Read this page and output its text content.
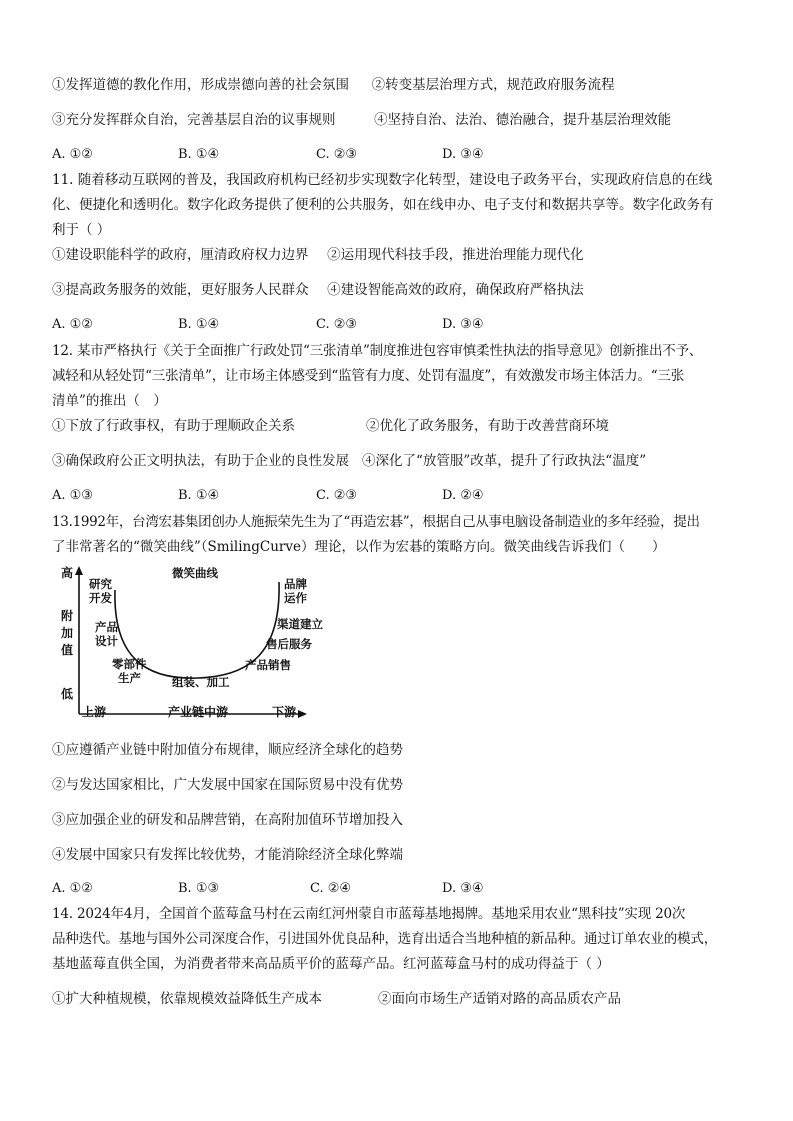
①发挥道德的教化作用，形成崇德向善的社会氛围 ②转变基层治理方式，规范政府服务流程
③充分发挥群众自治，完善基层自治的议事规则	④坚持自治、法治、德治融合，提升基层治理效能
A. ①②	B. ①④	C. ②③	D. ③④
11. 随着移动互联网的普及，我国政府机构已经初步实现数字化转型，建设电子政务平台，实现政府信息的在线
化、便捷化和透明化。数字化政务提供了便利的公共服务，如在线申办、电子支付和数据共享等。数字化政务有
利于（ ）
①建设职能科学的政府，厘清政府权力边界 ②运用现代科技手段，推进治理能力现代化
③提高政务服务的效能，更好服务人民群众 ④建设智能高效的政府，确保政府严格执法
A. ①②	B. ①④	C. ②③	D. ③④
12. 某市严格执行《关于全面推广行政处罚“三张清单”制度推进包容审慎柔性执法的指导意见》创新推出不予、
减轻和从轻处罚“三张清单”，让市场主体感受到“监管有力度、处罚有温度”，有效激发市场主体活力。“三张
清单”的推出（　）
①下放了行政事权，有助于理顺政企关系	②优化了政务服务，有助于改善营商环境
③确保政府公正文明执法，有助于企业的良性发展 ④深化了“放管服”改革，提升了行政执法“温度”
A. ①③	B. ①④	C. ②③	D. ②④
13.1992年，台湾宏碁集团创办人施振荣先生为了“再造宏碁”，根据自己从事电脑设备制造业的多年经验，提出
了非常著名的“微笑曲线”（SmilingCurve）理论，以作为宏碁的策略方向。微笑曲线告诉我们（　　）
高
附
加
值
低
微笑曲线
研究
开发
产品
设计
零部件
生产	组装、加工
品牌
运作
渠道建立
售后服务
产品销售
上游	产业链中游	下游
①应遵循产业链中附加值分布规律，顺应经济全球化的趋势
②与发达国家相比，广大发展中国家在国际贸易中没有优势
③应加强企业的研发和品牌营销，在高附加值环节增加投入
④发展中国家只有发挥比较优势，才能消除经济全球化弊端
A. ①②	B. ①③	C. ②④	D. ③④
14. 2024年4月，全国首个蓝莓盒马村在云南红河州蒙自市蓝莓基地揭牌。基地采用农业“黑科技”实现 20次
品种迭代。基地与国外公司深度合作，引进国外优良品种，选育出适合当地种植的新品种。通过订单农业的模式，
基地蓝莓直供全国，为消费者带来高品质平价的蓝莓产品。红河蓝莓盒马村的成功得益于（ ）
①扩大种植规模，依靠规模效益降低生产成本	②面向市场生产适销对路的高品质农产品
